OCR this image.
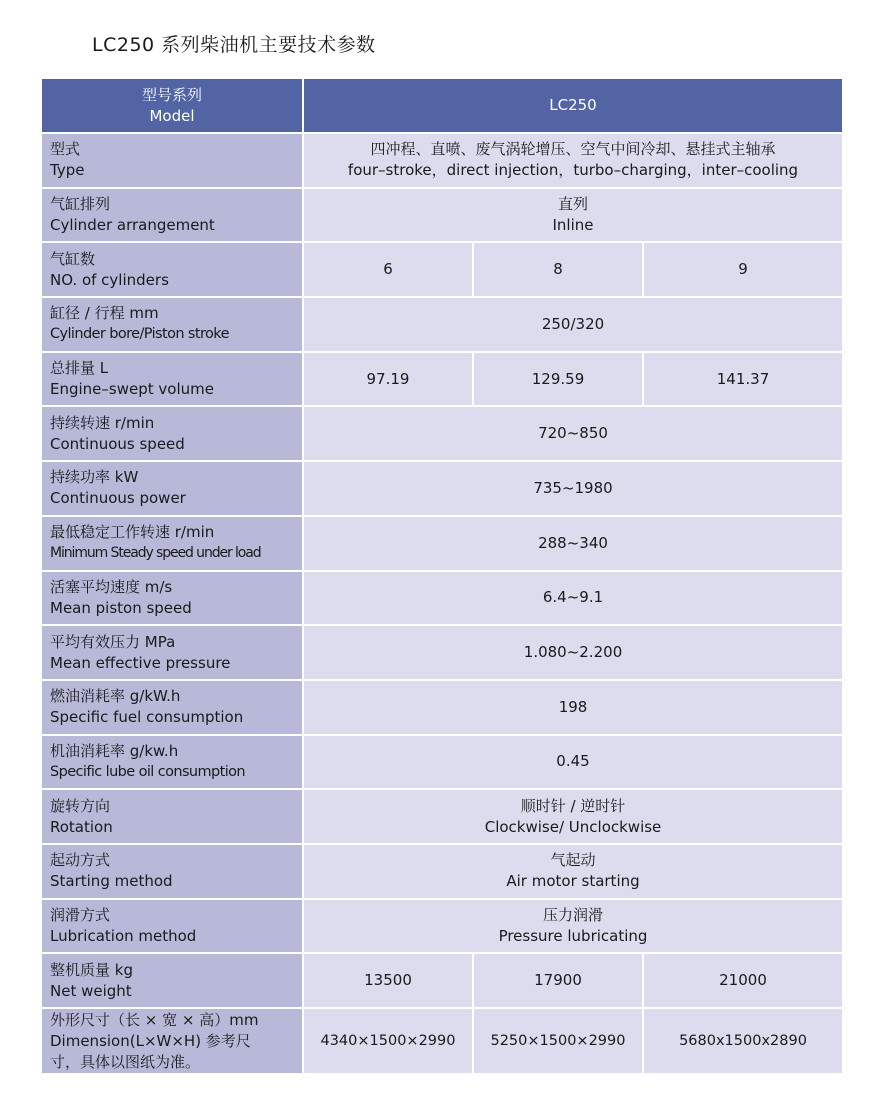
LC250 系列柴油机主要技术参数
型号系列
Model	LC250		

型式
Type	四冲程、直喷、废气涡轮增压、空气中间冷却、悬挂式主轴承
four–stroke，direct injection，turbo–charging，inter–cooling		

气缸排列
Cylinder arrangement	直列
Inline		

气缸数
NO. of cylinders	6	8	9

缸径 / 行程 mm
Cylinder bore/Piston stroke	250/320		

总排量 L
Engine–swept volume	97.19	129.59	141.37

持续转速 r/min
Continuous speed	720~850		

持续功率 kW
Continuous power	735~1980		

最低稳定工作转速 r/min
Minimum Steady speed under load	288~340		

活塞平均速度 m/s
Mean piston speed	6.4~9.1		

平均有效压力 MPa
Mean effective pressure	1.080~2.200		

燃油消耗率 g/kW.h
Specific fuel consumption	198		

机油消耗率 g/kw.h
Specific lube oil consumption	0.45		

旋转方向
Rotation	顺时针 / 逆时针
Clockwise/ Unclockwise		

起动方式
Starting method	气起动
Air motor starting		

润滑方式
Lubrication method	压力润滑
Pressure lubricating		

整机质量 kg
Net weight	13500	17900	21000

外形尺寸（长 × 宽 × 高）mm
Dimension(L×W×H) 参考尺
寸，具体以图纸为准。	4340×1500×2990	5250×1500×2990	5680x1500x2890
